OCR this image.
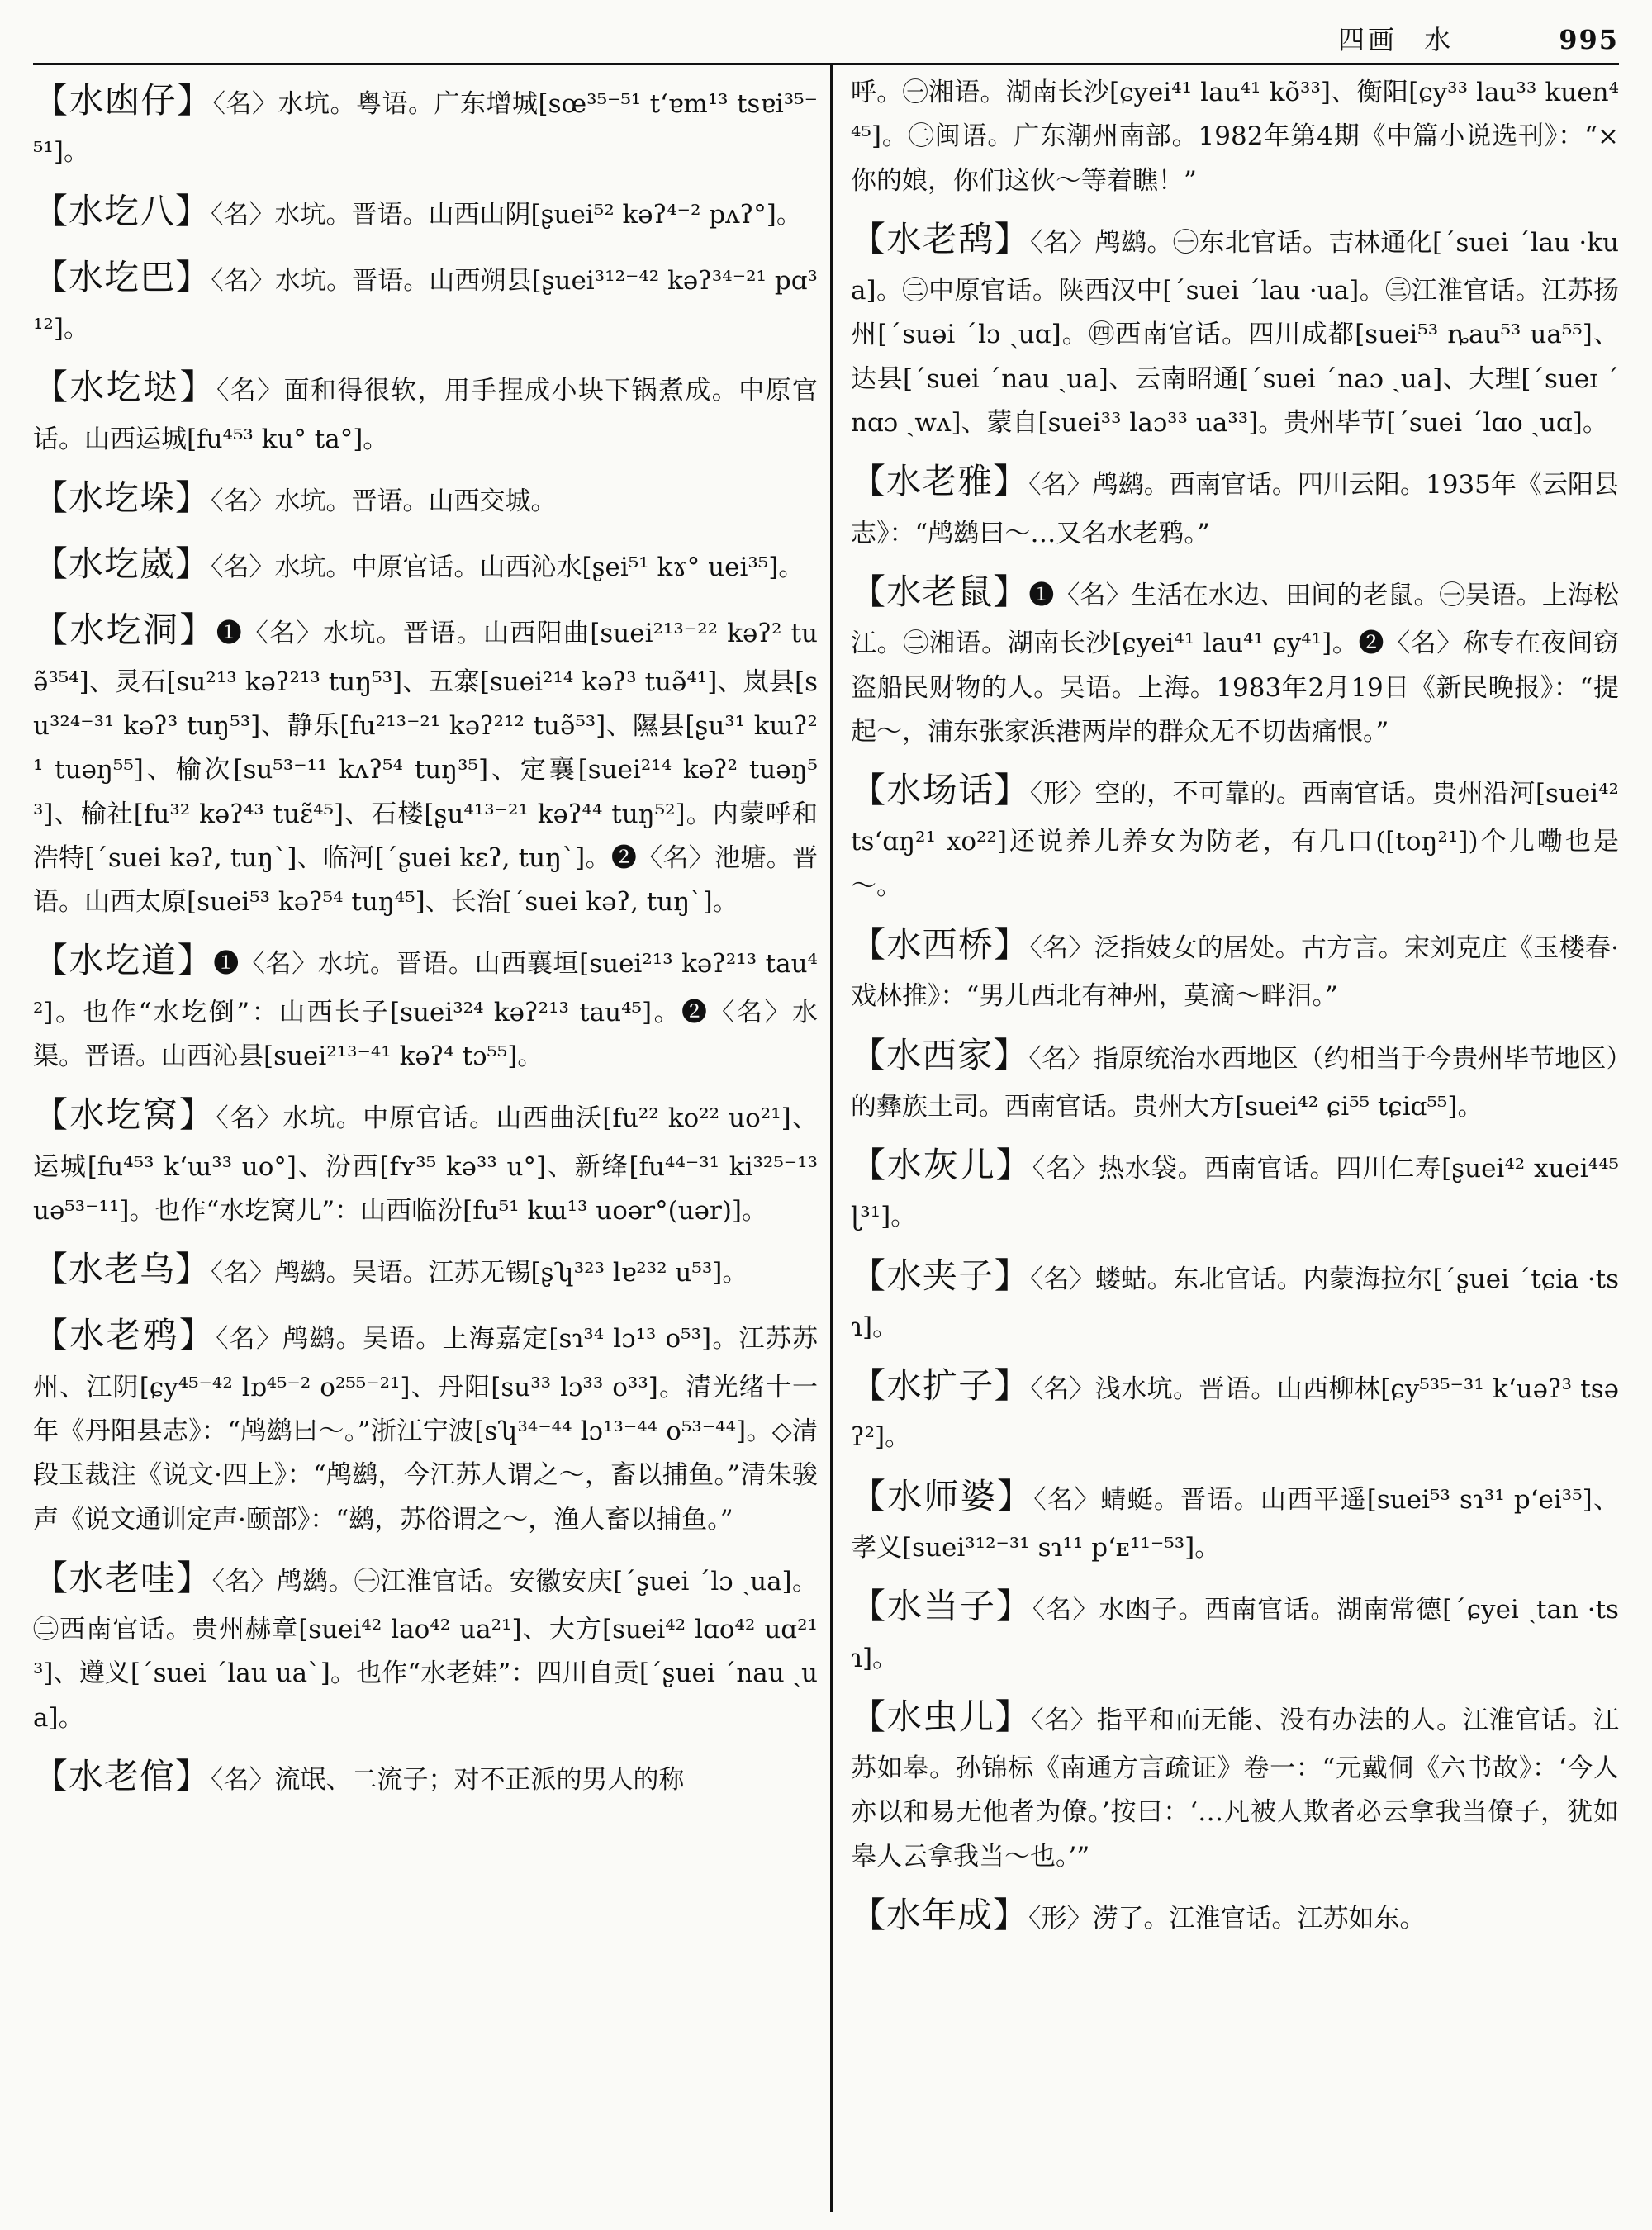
四画 水	995

【水凼仔】〈名〉水坑。粤语。广东增城[sœ³⁵⁻⁵¹ t‘ɐm¹³ tsɐi³⁵⁻⁵¹]。

【水圪八】〈名〉水坑。晋语。山西山阴[ʂuei⁵² kəʔ⁴⁻² pʌʔ°]。

【水圪巴】〈名〉水坑。晋语。山西朔县[ʂuei³¹²⁻⁴² kəʔ³⁴⁻²¹ pɑ³¹²]。

【水圪垯】〈名〉面和得很软，用手捏成小块下锅煮成。中原官话。山西运城[fu⁴⁵³ ku° ta°]。

【水圪垛】〈名〉水坑。晋语。山西交城。

【水圪崴】〈名〉水坑。中原官话。山西沁水[ʂei⁵¹ kɤ° uei³⁵]。

【水圪洞】❶〈名〉水坑。晋语。山西阳曲[suei²¹³⁻²² kəʔ² tuə̃³⁵⁴]、灵石[su²¹³ kəʔ²¹³ tuŋ⁵³]、五寨[suei²¹⁴ kəʔ³ tuə̃⁴¹]、岚县[su³²⁴⁻³¹ kəʔ³ tuŋ⁵³]、静乐[fu²¹³⁻²¹ kəʔ²¹² tuə̃⁵³]、隰县[ʂu³¹ kɯʔ²¹ tuəŋ⁵⁵]、榆次[su⁵³⁻¹¹ kʌʔ⁵⁴ tuŋ³⁵]、定襄[suei²¹⁴ kəʔ² tuəŋ⁵³]、榆社[fu³² kəʔ⁴³ tuɛ̃⁴⁵]、石楼[ʂu⁴¹³⁻²¹ kəʔ⁴⁴ tuŋ⁵²]。内蒙呼和浩特[ˊsuei kəʔ, tuŋˋ]、临河[ˊʂuei kɛʔ, tuŋˋ]。❷〈名〉池塘。晋语。山西太原[suei⁵³ kəʔ⁵⁴ tuŋ⁴⁵]、长治[ˊsuei kəʔ, tuŋˋ]。

【水圪道】❶〈名〉水坑。晋语。山西襄垣[suei²¹³ kəʔ²¹³ tau⁴²]。也作“水圪倒”：山西长子[suei³²⁴ kəʔ²¹³ tau⁴⁵]。❷〈名〉水渠。晋语。山西沁县[suei²¹³⁻⁴¹ kəʔ⁴ tɔ⁵⁵]。

【水圪窝】〈名〉水坑。中原官话。山西曲沃[fu²² ko²² uo²¹]、运城[fu⁴⁵³ k‘ɯ³³ uo°]、汾西[fʏ³⁵ kə³³ u°]、新绛[fu⁴⁴⁻³¹ ki³²⁵⁻¹³ uə⁵³⁻¹¹]。也作“水圪窝儿”：山西临汾[fu⁵¹ kɯ¹³ uoər°(uər)]。

【水老乌】〈名〉鸬鹚。吴语。江苏无锡[ʂʮ³²³ lɐ²³² u⁵³]。

【水老鸦】〈名〉鸬鹚。吴语。上海嘉定[sɿ³⁴ lɔ¹³ o⁵³]。江苏苏州、江阴[ɕy⁴⁵⁻⁴² lɒ⁴⁵⁻² o²⁵⁵⁻²¹]、丹阳[su³³ lɔ³³ o³³]。清光绪十一年《丹阳县志》：“鸬鹚曰～。”浙江宁波[sʮ³⁴⁻⁴⁴ lɔ¹³⁻⁴⁴ o⁵³⁻⁴⁴]。◇清段玉裁注《说文·四上》：“鸬鹚，今江苏人谓之～，畜以捕鱼。”清朱骏声《说文通训定声·颐部》：“鹚，苏俗谓之～，渔人畜以捕鱼。”

【水老哇】〈名〉鸬鹚。㊀江淮官话。安徽安庆[ˊʂuei ˊlɔ ˏua]。㊁西南官话。贵州赫章[suei⁴² lao⁴² ua²¹]、大方[suei⁴² lɑo⁴² uɑ²¹³]、遵义[ˊsuei ˊlau uaˋ]。也作“水老娃”：四川自贡[ˊʂuei ˊnau ˏua]。

【水老倌】〈名〉流氓、二流子；对不正派的男人的称

呼。㊀湘语。湖南长沙[ɕyei⁴¹ lau⁴¹ kõ³³]、衡阳[ɕy³³ lau³³ kuen⁴⁴⁵]。㊁闽语。广东潮州南部。1982年第4期《中篇小说选刊》：“×你的娘，你们这伙～等着瞧！”

【水老鸹】〈名〉鸬鹚。㊀东北官话。吉林通化[ˊsuei ˊlau ·kua]。㊁中原官话。陕西汉中[ˊsuei ˊlau ·ua]。㊂江淮官话。江苏扬州[ˊsuəi ˊlɔ ˏuɑ]。㊃西南官话。四川成都[suei⁵³ ȵau⁵³ ua⁵⁵]、达县[ˊsuei ˊnau ˏua]、云南昭通[ˊsuei ˊnaɔ ˏua]、大理[ˊsueɪ ˊnɑɔ ˏwʌ]、蒙自[suei³³ laɔ³³ ua³³]。贵州毕节[ˊsuei ˊlɑo ˏuɑ]。

【水老雅】〈名〉鸬鹚。西南官话。四川云阳。1935年《云阳县志》：“鸬鹚曰～…又名水老鸦。”

【水老鼠】❶〈名〉生活在水边、田间的老鼠。㊀吴语。上海松江。㊁湘语。湖南长沙[ɕyei⁴¹ lau⁴¹ ɕy⁴¹]。❷〈名〉称专在夜间窃盗船民财物的人。吴语。上海。1983年2月19日《新民晚报》：“提起～，浦东张家浜港两岸的群众无不切齿痛恨。”

【水场话】〈形〉空的，不可靠的。西南官话。贵州沿河[suei⁴² ts‘ɑŋ²¹ xo²²]还说养儿养女为防老，有几口([toŋ²¹])个儿嘞也是～。

【水西桥】〈名〉泛指妓女的居处。古方言。宋刘克庄《玉楼春·戏林推》：“男儿西北有神州，莫滴～畔泪。”

【水西家】〈名〉指原统治水西地区（约相当于今贵州毕节地区）的彝族土司。西南官话。贵州大方[suei⁴² ɕi⁵⁵ tɕiɑ⁵⁵]。

【水灰儿】〈名〉热水袋。西南官话。四川仁寿[ʂuei⁴² xuei⁴⁴⁵ ɭ³¹]。

【水夹子】〈名〉蝼蛄。东北官话。内蒙海拉尔[ˊʂuei ˊtɕia ·tsɿ]。

【水扩子】〈名〉浅水坑。晋语。山西柳林[ɕy⁵³⁵⁻³¹ k‘uəʔ³ tsəʔ²]。

【水师婆】〈名〉蜻蜓。晋语。山西平遥[suei⁵³ sɿ³¹ p‘ei³⁵]、孝义[suei³¹²⁻³¹ sɿ¹¹ p‘ᴇ¹¹⁻⁵³]。

【水当子】〈名〉水凼子。西南官话。湖南常德[ˊɕyei ˏtan ·tsɿ]。

【水虫儿】〈名〉指平和而无能、没有办法的人。江淮官话。江苏如皋。孙锦标《南通方言疏证》卷一：“元戴侗《六书故》：‘今人亦以和易无他者为僚。’按曰：‘…凡被人欺者必云拿我当僚子，犹如皋人云拿我当～也。’”

【水年成】〈形〉涝了。江淮官话。江苏如东。
